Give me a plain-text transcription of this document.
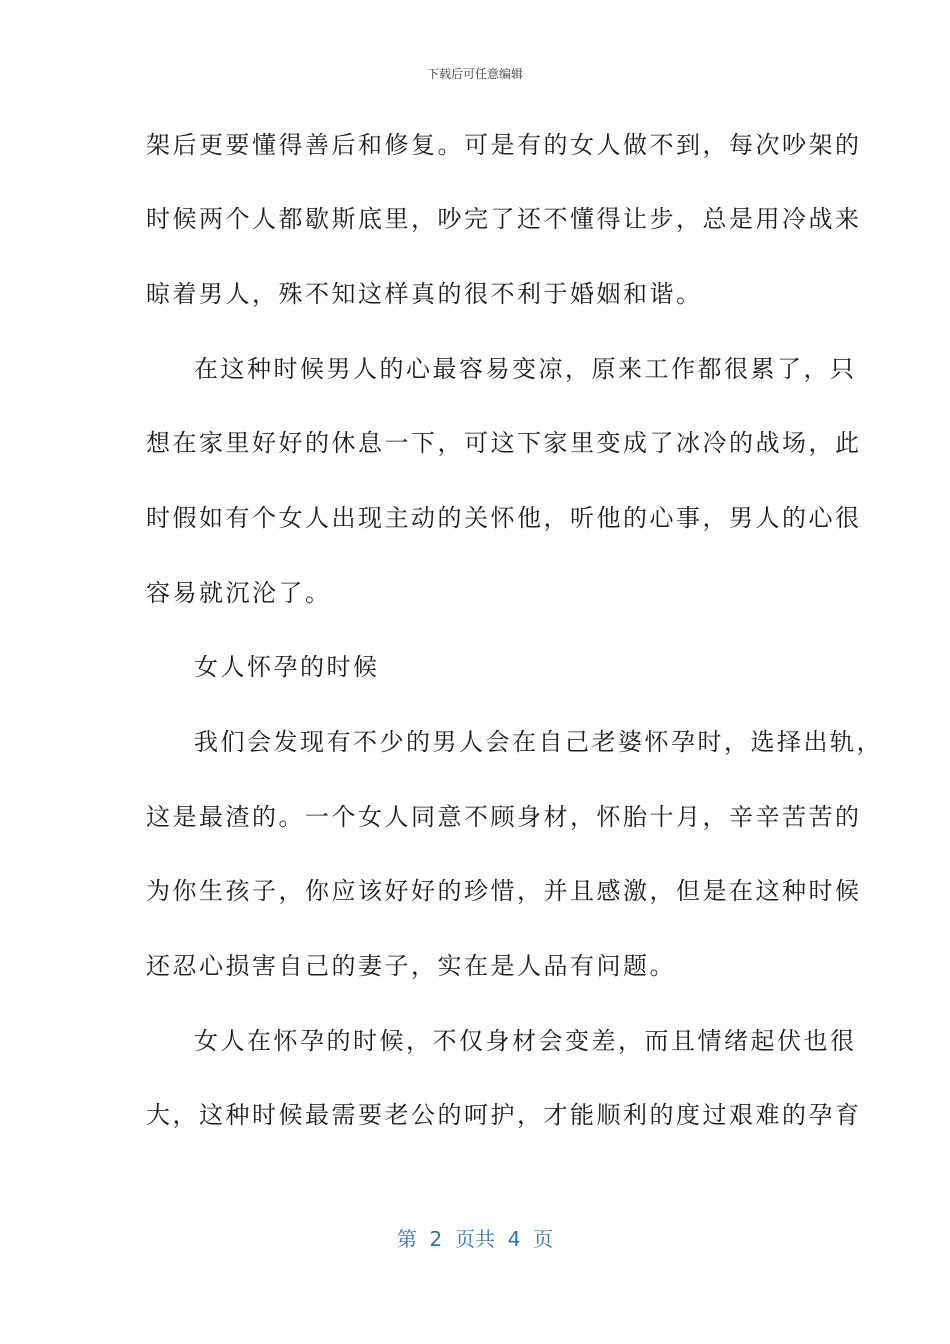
下载后可任意编辑
架后更要懂得善后和修复。可是有的女人做不到，每次吵架的
时候两个人都歇斯底里，吵完了还不懂得让步，总是用冷战来
晾着男人，殊不知这样真的很不利于婚姻和谐。
在这种时候男人的心最容易变凉，原来工作都很累了，只
想在家里好好的休息一下，可这下家里变成了冰冷的战场，此
时假如有个女人出现主动的关怀他，听他的心事，男人的心很
容易就沉沦了。
女人怀孕的时候
我们会发现有不少的男人会在自己老婆怀孕时，选择出轨，
这是最渣的。一个女人同意不顾身材，怀胎十月，辛辛苦苦的
为你生孩子，你应该好好的珍惜，并且感激，但是在这种时候
还忍心损害自己的妻子，实在是人品有问题。
女人在怀孕的时候，不仅身材会变差，而且情绪起伏也很
大，这种时候最需要老公的呵护，才能顺利的度过艰难的孕育
第  2  页共  4  页
